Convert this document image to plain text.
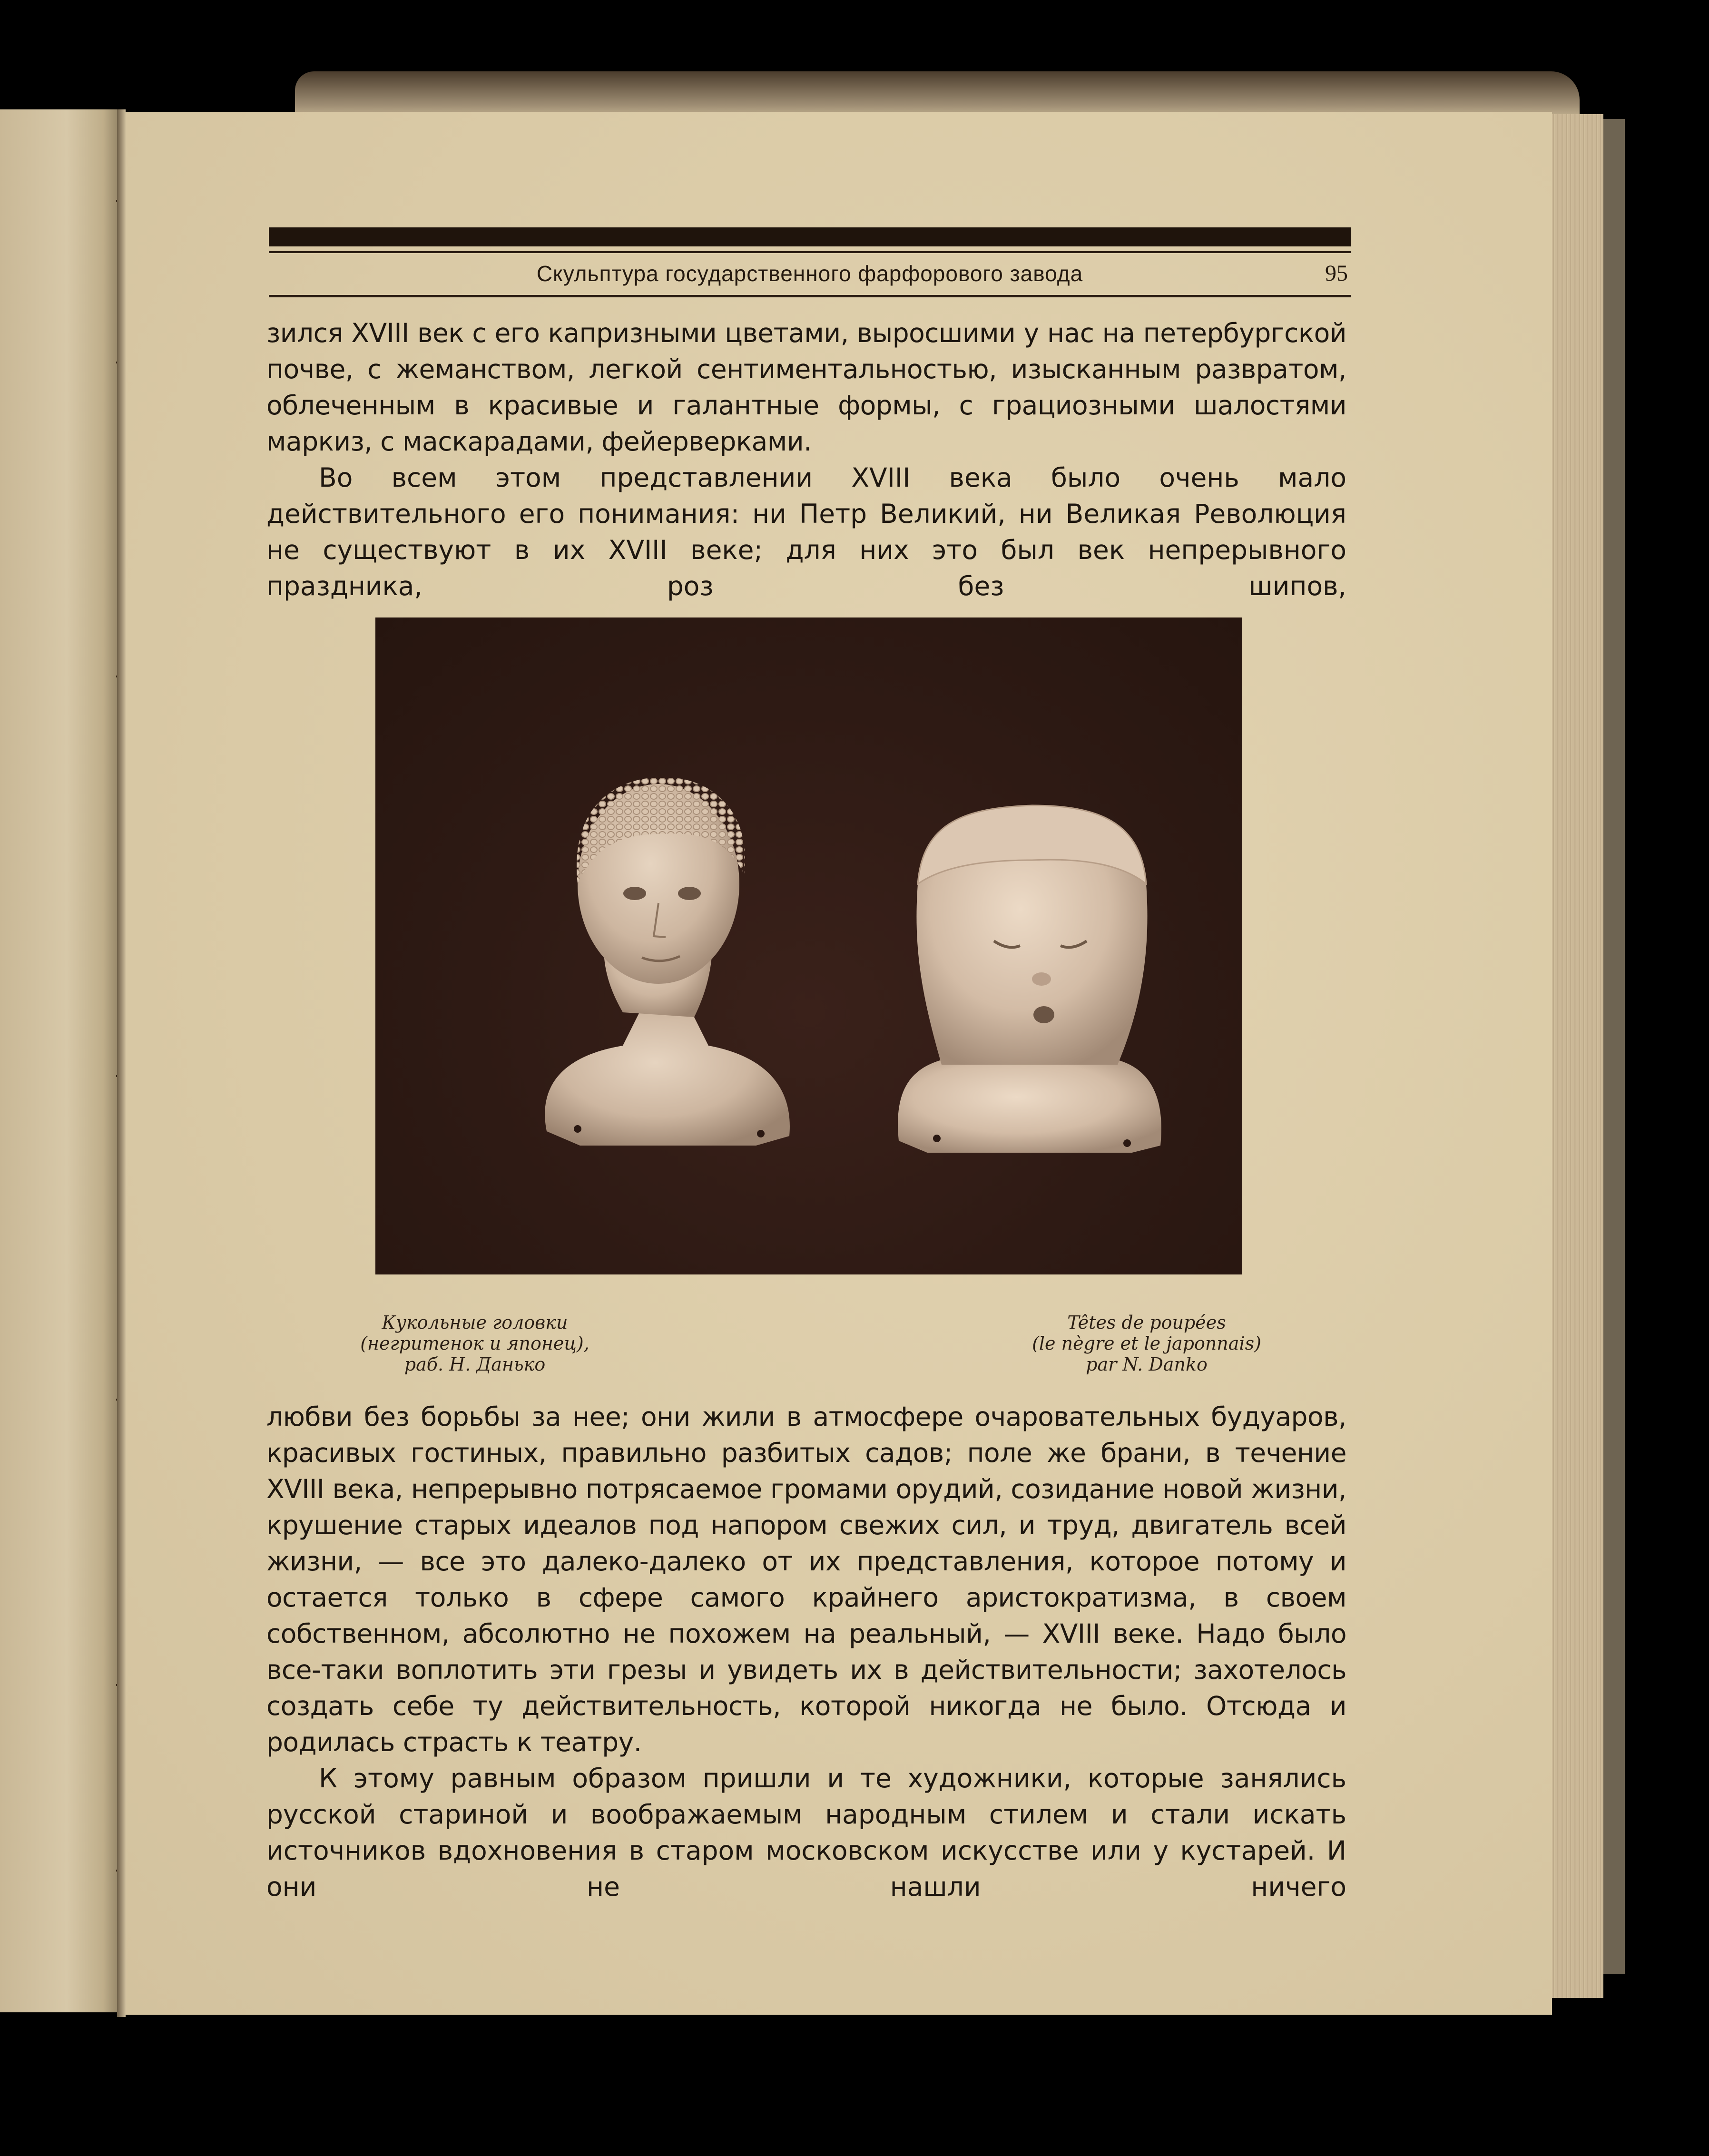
Скульптура государственного фарфорового завода	95

зился XVIII век с его капризными цветами, выросшими у нас на петербургской почве, с жеманством, легкой сентиментальностью, изысканным развратом, облеченным в красивые и галантные формы, с грациозными шалостями маркиз, с маскарадами, фейерверками.

Во всем этом представлении XVIII века было очень мало действительного его понимания: ни Петр Великий, ни Великая Революция не существуют в их XVIII веке; для них это был век непрерывного праздника, роз без шипов,

Кукольные головки
(негритенок и японец),
раб. Н. Данько
Têtes de poupées
(le nègre et le japonnais)
par N. Danko

любви без борьбы за нее; они жили в атмосфере очаровательных будуаров, красивых гостиных, правильно разбитых садов; поле же брани, в течение XVIII века, непрерывно потрясаемое громами орудий, созидание новой жизни, крушение старых идеалов под напором свежих сил, и труд, двигатель всей жизни, — все это далеко-далеко от их представления, которое потому и остается только в сфере самого крайнего аристократизма, в своем собственном, абсолютно не похожем на реальный, — XVIII веке. Надо было все-таки воплотить эти грезы и увидеть их в действительности; захотелось создать себе ту действительность, которой никогда не было. Отсюда и родилась страсть к театру.

К этому равным образом пришли и те художники, которые занялись русской стариной и воображаемым народным стилем и стали искать источников вдохновения в старом московском искусстве или у кустарей. И они не нашли ничего
